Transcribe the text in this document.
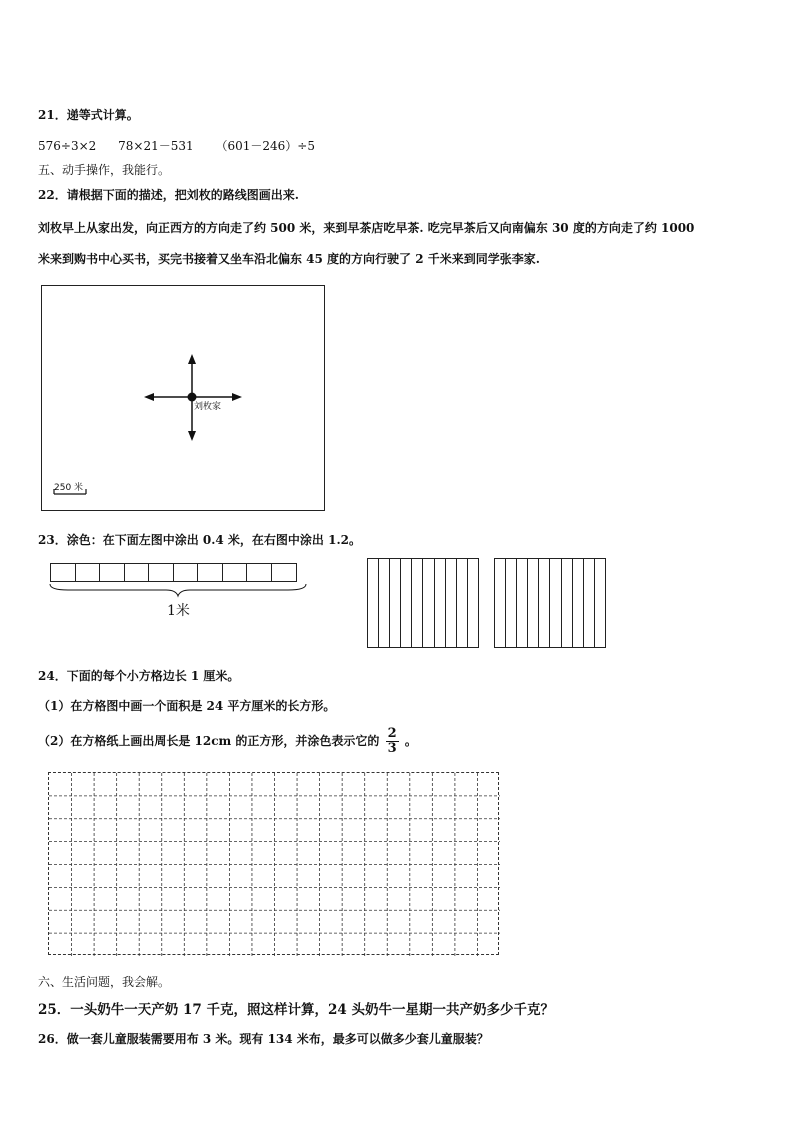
21．递等式计算。
576÷3×2 78×21－531 （601－246）÷5
五、动手操作，我能行。
22．请根据下面的描述，把刘枚的路线图画出来.
刘枚早上从家出发，向正西方的方向走了约 500 米，来到早茶店吃早茶. 吃完早茶后又向南偏东 30 度的方向走了约 1000
米来到购书中心买书，买完书接着又坐车沿北偏东 45 度的方向行驶了 2 千米来到同学张李家.
刘枚家
250 米
23．涂色：在下面左图中涂出 0.4 米，在右图中涂出 1.2。
1米
24．下面的每个小方格边长 1 厘米。
（1）在方格图中画一个面积是 24 平方厘米的长方形。
（2）在方格纸上画出周长是 12cm 的正方形，并涂色表示它的 $\frac{2}{3}$ 。
六、生活问题，我会解。
25．一头奶牛一天产奶 17 千克，照这样计算，24 头奶牛一星期一共产奶多少千克？
26．做一套儿童服装需要用布 3 米。现有 134 米布，最多可以做多少套儿童服装？
